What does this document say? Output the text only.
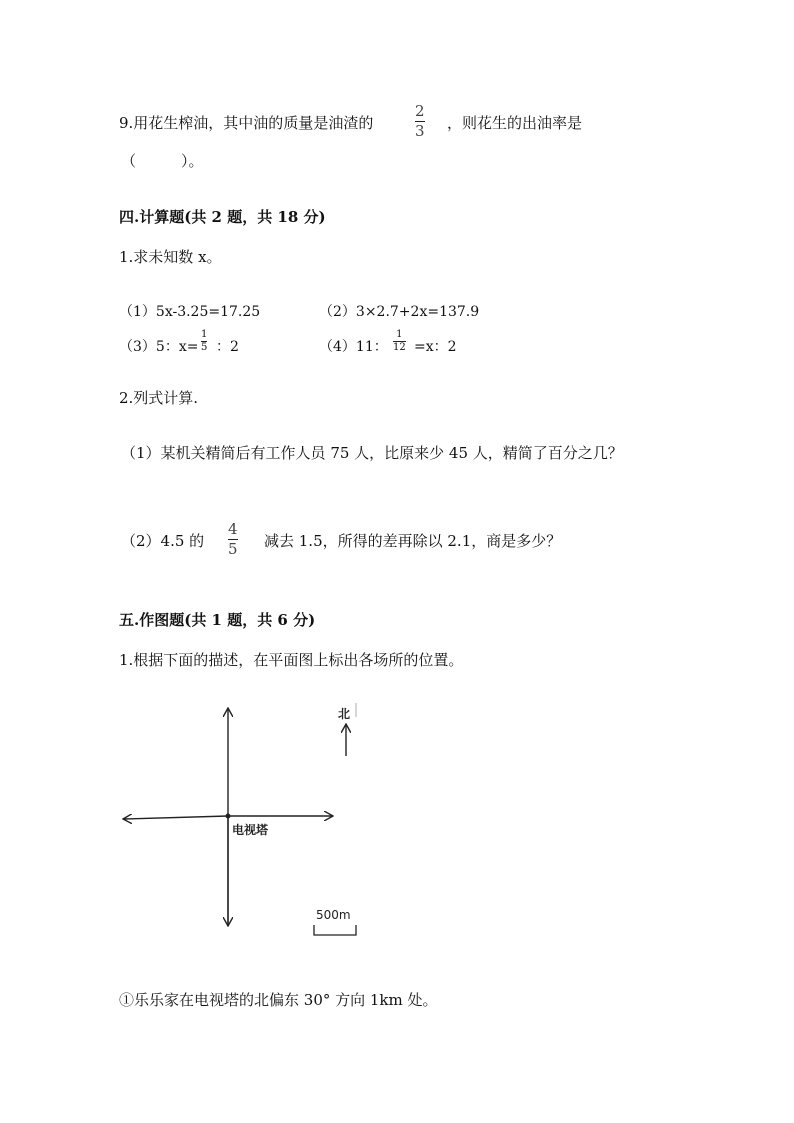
9.用花生榨油，其中油的质量是油渣的
2
3 ，则花生的出油率是
（　　　）。
四.计算题(共 2 题，共 18 分)
1.求未知数 x。
（1）5x-3.25=17.25	（2）3×2.7+2x=137.9
（3）5：x=
1
5 ：2	（4）11：
1
12 =x：2
2.列式计算.
（1）某机关精简后有工作人员 75 人，比原来少 45 人，精简了百分之几？
（2）4.5 的
4
5 减去 1.5，所得的差再除以 2.1，商是多少？
五.作图题(共 1 题，共 6 分)
1.根据下面的描述，在平面图上标出各场所的位置。
电视塔
北
500m
①乐乐家在电视塔的北偏东 30° 方向 1km 处。
